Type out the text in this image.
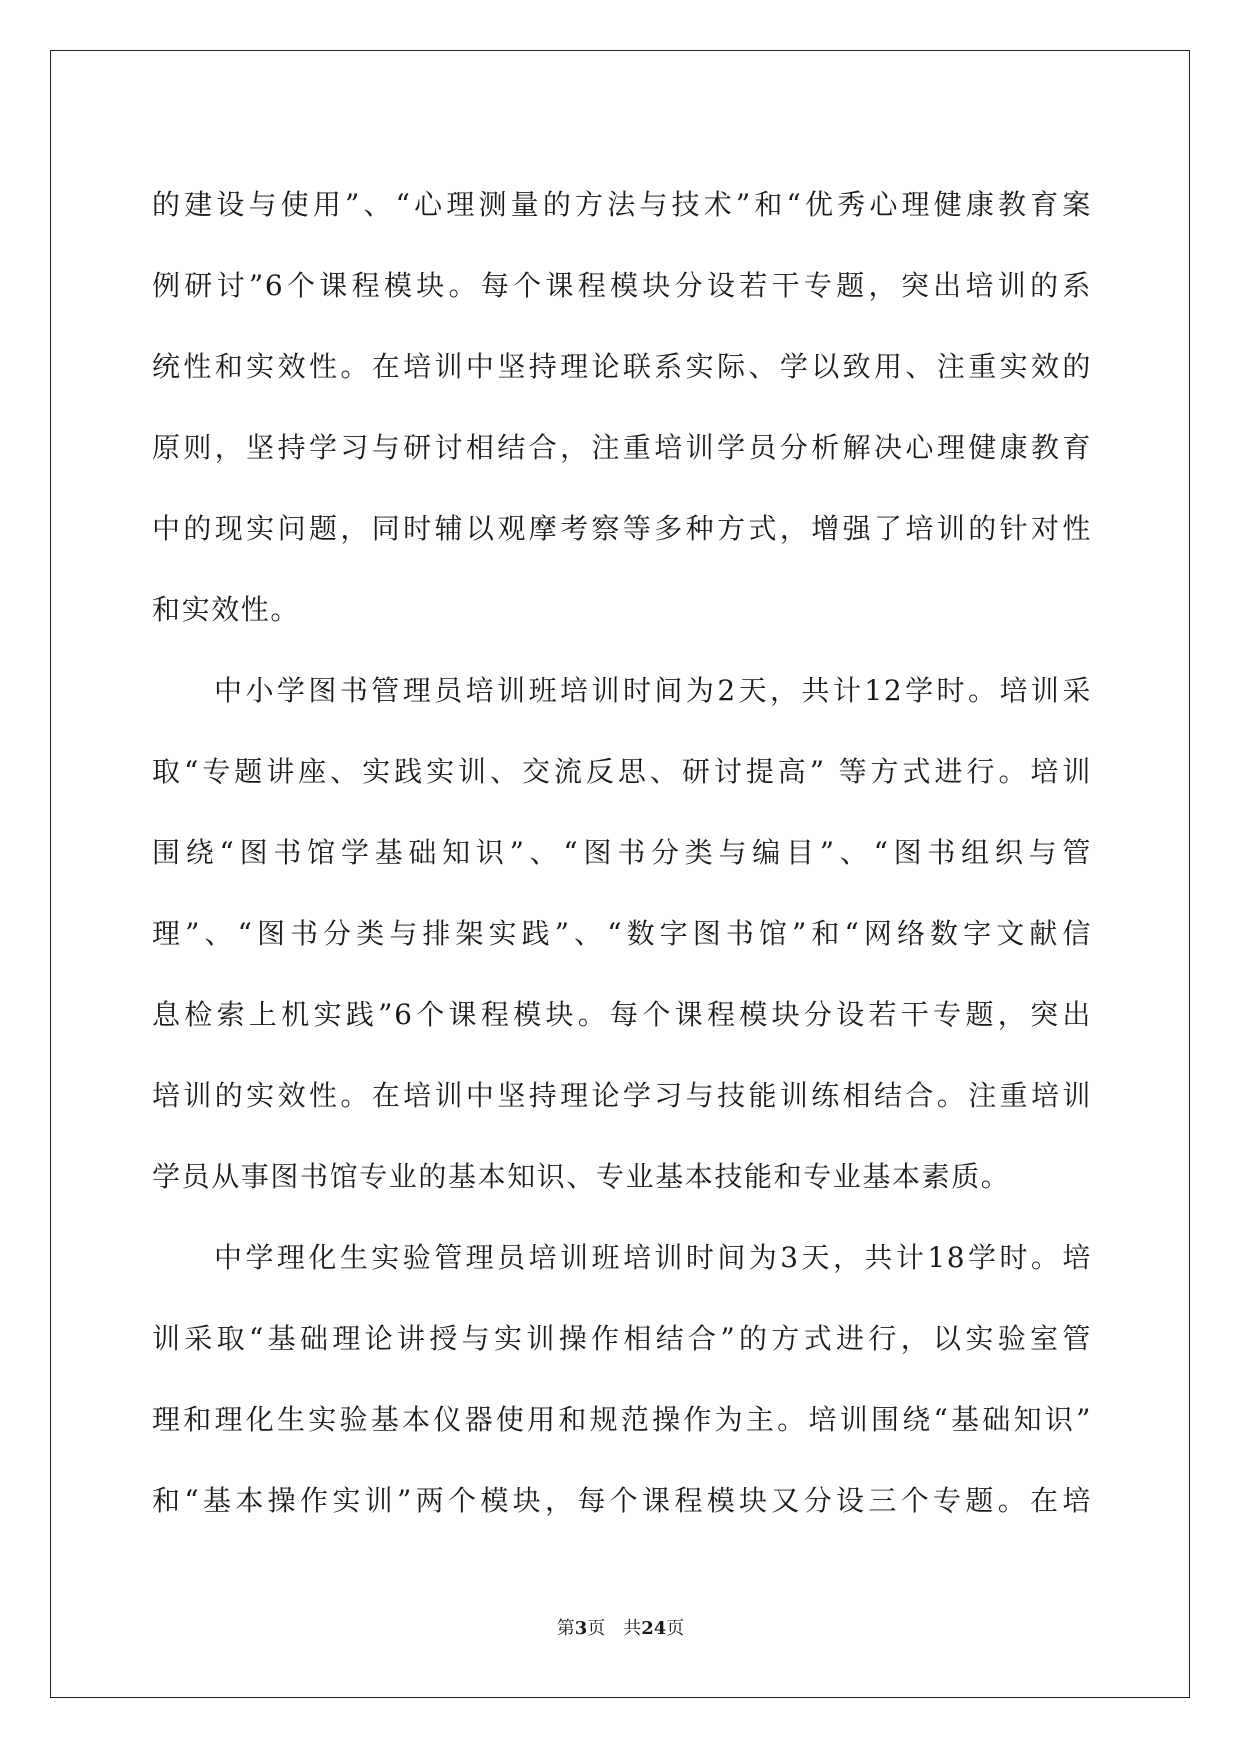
的建设与使用”、“心理测量的方法与技术”和“优秀心理健康教育案
例研讨”6个课程模块。每个课程模块分设若干专题，突出培训的系
统性和实效性。在培训中坚持理论联系实际、学以致用、注重实效的
原则，坚持学习与研讨相结合，注重培训学员分析解决心理健康教育
中的现实问题，同时辅以观摩考察等多种方式，增强了培训的针对性
和实效性。
中小学图书管理员培训班培训时间为2天，共计12学时。培训采
取“专题讲座、实践实训、交流反思、研讨提高” 等方式进行。培训
围绕“图书馆学基础知识”、“图书分类与编目”、“图书组织与管
理”、“图书分类与排架实践”、“数字图书馆”和“网络数字文献信
息检索上机实践”6个课程模块。每个课程模块分设若干专题，突出
培训的实效性。在培训中坚持理论学习与技能训练相结合。注重培训
学员从事图书馆专业的基本知识、专业基本技能和专业基本素质。
中学理化生实验管理员培训班培训时间为3天，共计18学时。培
训采取“基础理论讲授与实训操作相结合”的方式进行，以实验室管
理和理化生实验基本仪器使用和规范操作为主。培训围绕“基础知识”
和“基本操作实训”两个模块，每个课程模块又分设三个专题。在培
第3页 共24页
